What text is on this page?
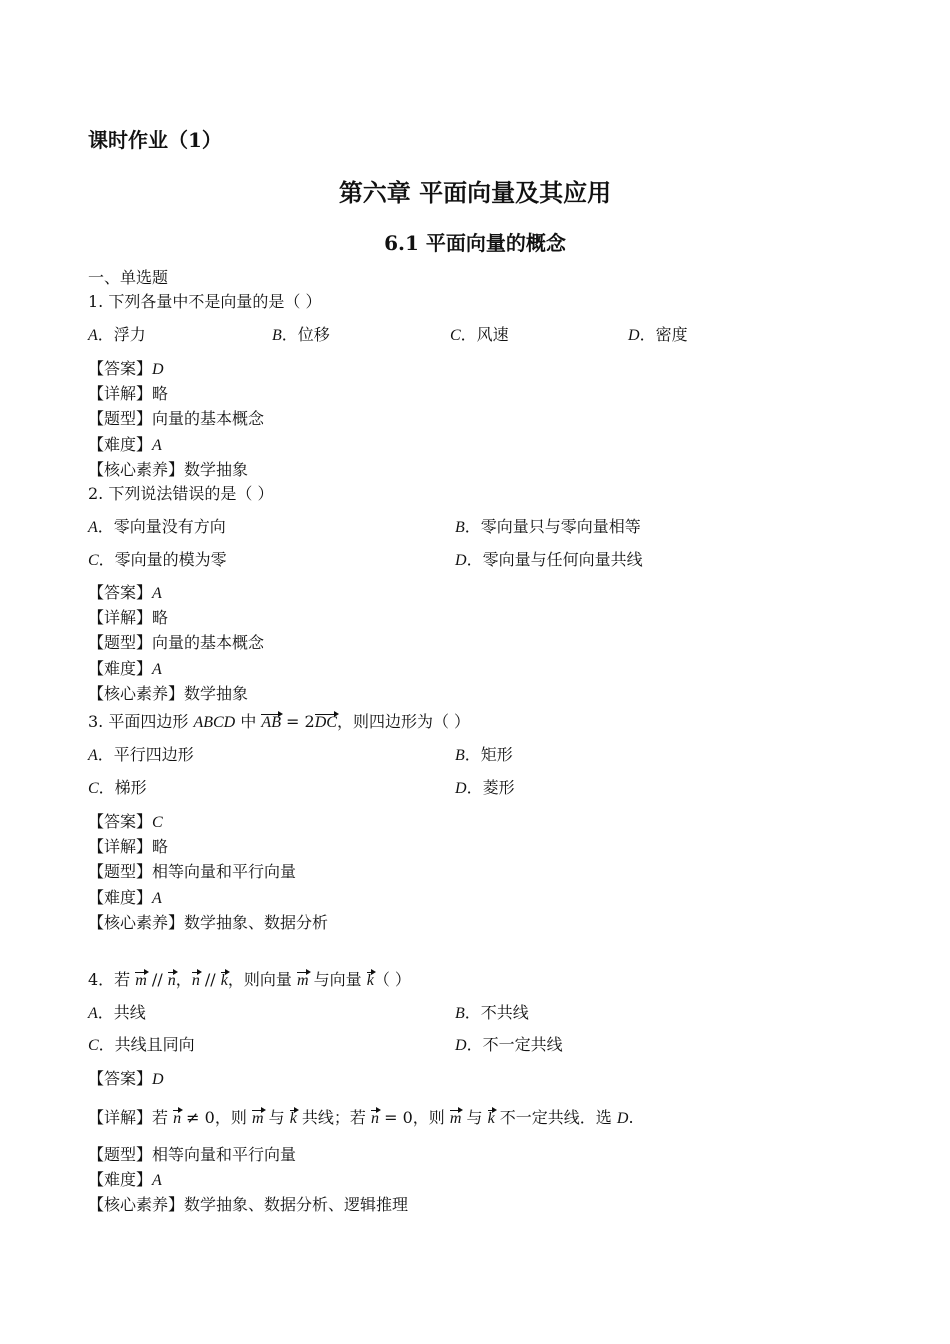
课时作业（1）
第六章 平面向量及其应用
6.1 平面向量的概念
一、单选题
1. 下列各量中不是向量的是（ ）
A．浮力	B．位移	C．风速	D．密度
【答案】D
【详解】略
【题型】向量的基本概念
【难度】A
【核心素养】数学抽象
2. 下列说法错误的是（ ）
A．零向量没有方向	B．零向量只与零向量相等
C．零向量的模为零	D．零向量与任何向量共线
【答案】A
【详解】略
【题型】向量的基本概念
【难度】A
【核心素养】数学抽象
3. 平面四边形 ABCD 中 AB = 2DC，则四边形为（ ）
A．平行四边形	B．矩形
C．梯形	D．菱形
【答案】C
【详解】略
【题型】相等向量和平行向量
【难度】A
【核心素养】数学抽象、数据分析
4．若 m // n，n // k，则向量 m 与向量 k（ ）
A．共线	B．不共线
C．共线且同向	D．不一定共线
【答案】D
【详解】若 n ≠ 0，则 m 与 k 共线；若 n = 0，则 m 与 k 不一定共线．选 D.
【题型】相等向量和平行向量
【难度】A
【核心素养】数学抽象、数据分析、逻辑推理
